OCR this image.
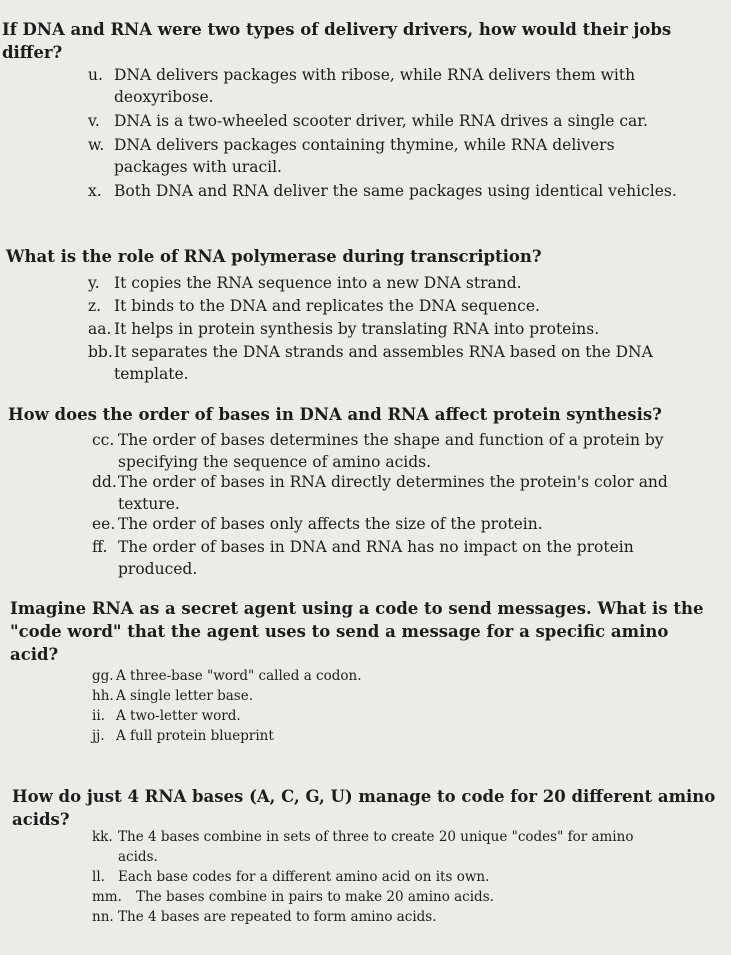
If DNA and RNA were two types of delivery drivers, how would their jobs differ?

u. DNA delivers packages with ribose, while RNA delivers them with deoxyribose.
v. DNA is a two-wheeled scooter driver, while RNA drives a single car.
w. DNA delivers packages containing thymine, while RNA delivers packages with uracil.
x. Both DNA and RNA deliver the same packages using identical vehicles.

What is the role of RNA polymerase during transcription?

y. It copies the RNA sequence into a new DNA strand.
z. It binds to the DNA and replicates the DNA sequence.
aa. It helps in protein synthesis by translating RNA into proteins.
bb. It separates the DNA strands and assembles RNA based on the DNA template.

How does the order of bases in DNA and RNA affect protein synthesis?

cc. The order of bases determines the shape and function of a protein by specifying the sequence of amino acids.
dd. The order of bases in RNA directly determines the protein's color and texture.
ee. The order of bases only affects the size of the protein.
ff. The order of bases in DNA and RNA has no impact on the protein produced.

Imagine RNA as a secret agent using a code to send messages. What is the "code word" that the agent uses to send a message for a specific amino acid?

gg. A three-base "word" called a codon.
hh. A single letter base.
ii. A two-letter word.
jj. A full protein blueprint

How do just 4 RNA bases (A, C, G, U) manage to code for 20 different amino acids?

kk. The 4 bases combine in sets of three to create 20 unique "codes" for amino acids.
ll. Each base codes for a different amino acid on its own.
mm.	The bases combine in pairs to make 20 amino acids.
nn. The 4 bases are repeated to form amino acids.
